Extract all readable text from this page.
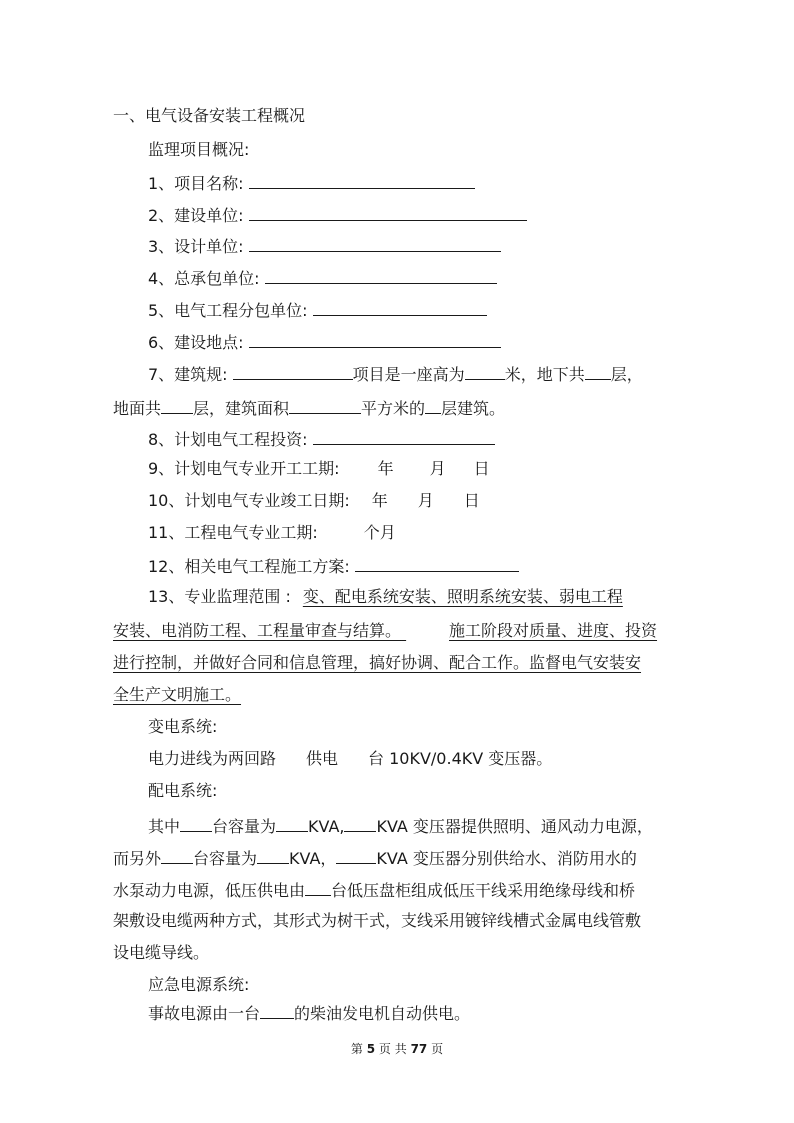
一、电气设备安装工程概况
监理项目概况:
1、项目名称:
2、建设单位:
3、设计单位:
4、总承包单位:
5、电气工程分包单位:
6、建设地点:
7、建筑规:	项目是一座高为	米，地下共 层，
地面共 层，建筑面积	平方米的 层建筑。
8、计划电气工程投资:
9、计划电气专业开工工期: 年 月 日
10、计划电气专业竣工日期: 年 月 日
11、工程电气专业工期:	个月
12、相关电气工程施工方案:
13、专业监理范围 : 变、配电系统安装、照明系统安装、弱电工程
安装、电消防工程、工程量审查与结算。	施工阶段对质量、进度、投资
进行控制，并做好合同和信息管理，搞好协调、配合工作。监督电气安装安
全生产文明施工。
变电系统:
电力进线为两回路 供电 台 10KV/0.4KV 变压器。
配电系统:
其中 台容量为 KVA, KVA 变压器提供照明、通风动力电源，
而另外 台容量为 KVA，	KVA 变压器分别供给水、消防用水的
水泵动力电源，低压供电由 台低压盘柜组成低压干线采用绝缘母线和桥
架敷设电缆两种方式，其形式为树干式，支线采用镀锌线槽式金属电线管敷
设电缆导线。
应急电源系统:
事故电源由一台 的柴油发电机自动供电。
第 5 页 共 77 页
